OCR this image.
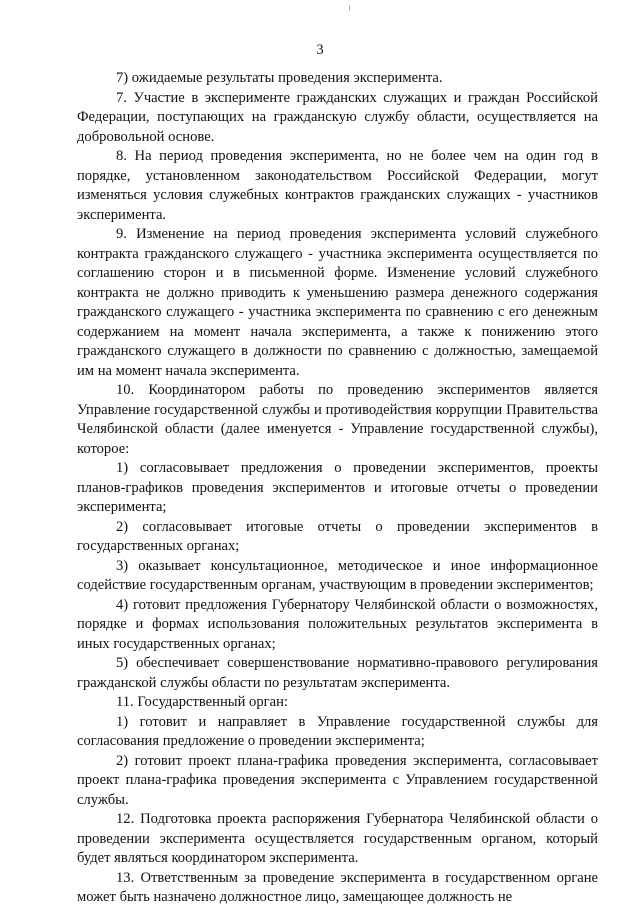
3

7) ожидаемые результаты проведения эксперимента.

7. Участие в эксперименте гражданских служащих и граждан Российской Федерации, поступающих на гражданскую службу области, осуществляется на добровольной основе.

8. На период проведения эксперимента, но не более чем на один год в порядке, установленном законодательством Российской Федерации, могут изменяться условия служебных контрактов гражданских служащих - участников эксперимента.

9. Изменение на период проведения эксперимента условий служебного контракта гражданского служащего - участника эксперимента осуществляется по соглашению сторон и в письменной форме. Изменение условий служебного контракта не должно приводить к уменьшению размера денежного содержания гражданского служащего - участника эксперимента по сравнению с его денежным содержанием на момент начала эксперимента, а также к понижению этого гражданского служащего в должности по сравнению с должностью, замещаемой им на момент начала эксперимента.

10. Координатором работы по проведению экспериментов является Управление государственной службы и противодействия коррупции Правительства Челябинской области (далее именуется - Управление государственной службы), которое:

1) согласовывает предложения о проведении экспериментов, проекты планов-графиков проведения экспериментов и итоговые отчеты о проведении эксперимента;

2) согласовывает итоговые отчеты о проведении экспериментов в государственных органах;

3) оказывает консультационное, методическое и иное информационное содействие государственным органам, участвующим в проведении экспериментов;

4) готовит предложения Губернатору Челябинской области о возможностях, порядке и формах использования положительных результатов эксперимента в иных государственных органах;

5) обеспечивает совершенствование нормативно-правового регулирования гражданской службы области по результатам эксперимента.

11. Государственный орган:

1) готовит и направляет в Управление государственной службы для согласования предложение о проведении эксперимента;

2) готовит проект плана-графика проведения эксперимента, согласовывает проект плана-графика проведения эксперимента с Управлением государственной службы.

12. Подготовка проекта распоряжения Губернатора Челябинской области о проведении эксперимента осуществляется государственным органом, который будет являться координатором эксперимента.

13. Ответственным за проведение эксперимента в государственном органе может быть назначено должностное лицо, замещающее должность не
